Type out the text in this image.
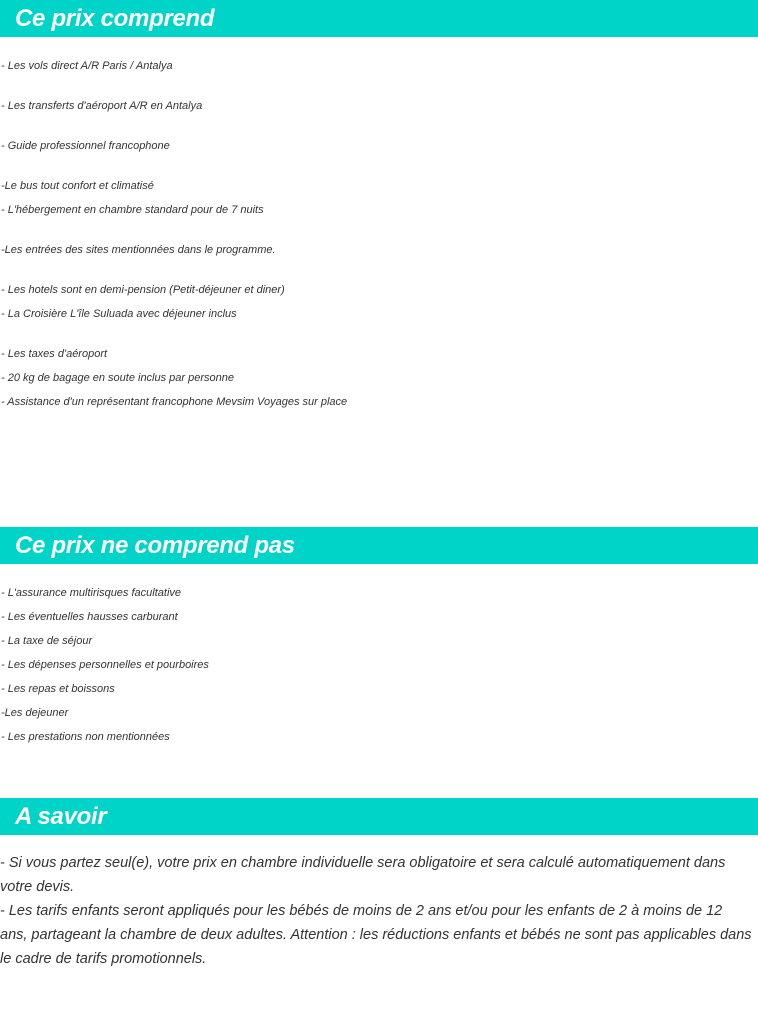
Ce prix comprend
- Les vols direct A/R Paris / Antalya
- Les transferts d'aéroport A/R en Antalya
- Guide professionnel francophone
-Le bus tout confort et climatisé
- L'hébergement en chambre standard pour de 7 nuits
-Les entrées des sites mentionnées dans le programme.
- Les hotels sont en demi-pension (Petit-déjeuner et diner)
- La Croisière L'île Suluada avec déjeuner inclus
- Les taxes d'aéroport
- 20 kg de bagage en soute inclus par personne
- Assistance d'un représentant francophone Mevsim Voyages sur place
Ce prix ne comprend pas
- L'assurance multirisques facultative
- Les éventuelles hausses carburant
- La taxe de séjour
- Les dépenses personnelles et pourboires
- Les repas et boissons
-Les dejeuner
- Les prestations non mentionnées
A savoir

- Si vous partez seul(e), votre prix en chambre individuelle sera obligatoire et sera calculé automatiquement dans votre devis.

- Les tarifs enfants seront appliqués pour les bébés de moins de 2 ans et/ou pour les enfants de 2 à moins de 12 ans, partageant la chambre de deux adultes. Attention : les réductions enfants et bébés ne sont pas applicables dans le cadre de tarifs promotionnels.
